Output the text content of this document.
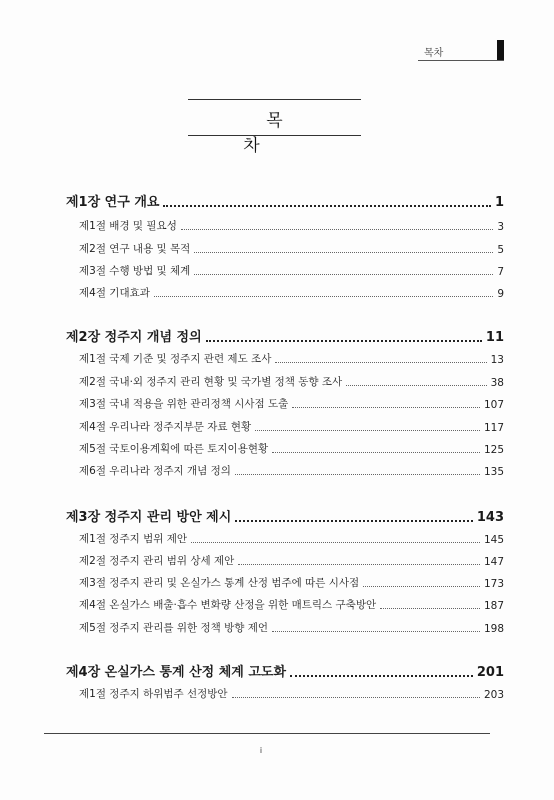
목차
목 차
제1장 연구 개요	1
제1절 배경 및 필요성	3
제2절 연구 내용 및 목적	5
제3절 수행 방법 및 체계	7
제4절 기대효과	9
제2장 정주지 개념 정의	11
제1절 국제 기준 및 정주지 관련 제도 조사	13
제2절 국내·외 정주지 관리 현황 및 국가별 정책 동향 조사	38
제3절 국내 적용을 위한 관리정책 시사점 도출	107
제4절 우리나라 정주지부문 자료 현황	117
제5절 국토이용계획에 따른 토지이용현황	125
제6절 우리나라 정주지 개념 정의	135
제3장 정주지 관리 방안 제시	143
제1절 정주지 범위 제안	145
제2절 정주지 관리 범위 상세 제안	147
제3절 정주지 관리 및 온실가스 통계 산정 범주에 따른 시사점	173
제4절 온실가스 배출·흡수 변화량 산정을 위한 매트릭스 구축방안	187
제5절 정주지 관리를 위한 정책 방향 제언	198
제4장 온실가스 통계 산정 체계 고도화	201
제1절 정주지 하위범주 선정방안	203
i
